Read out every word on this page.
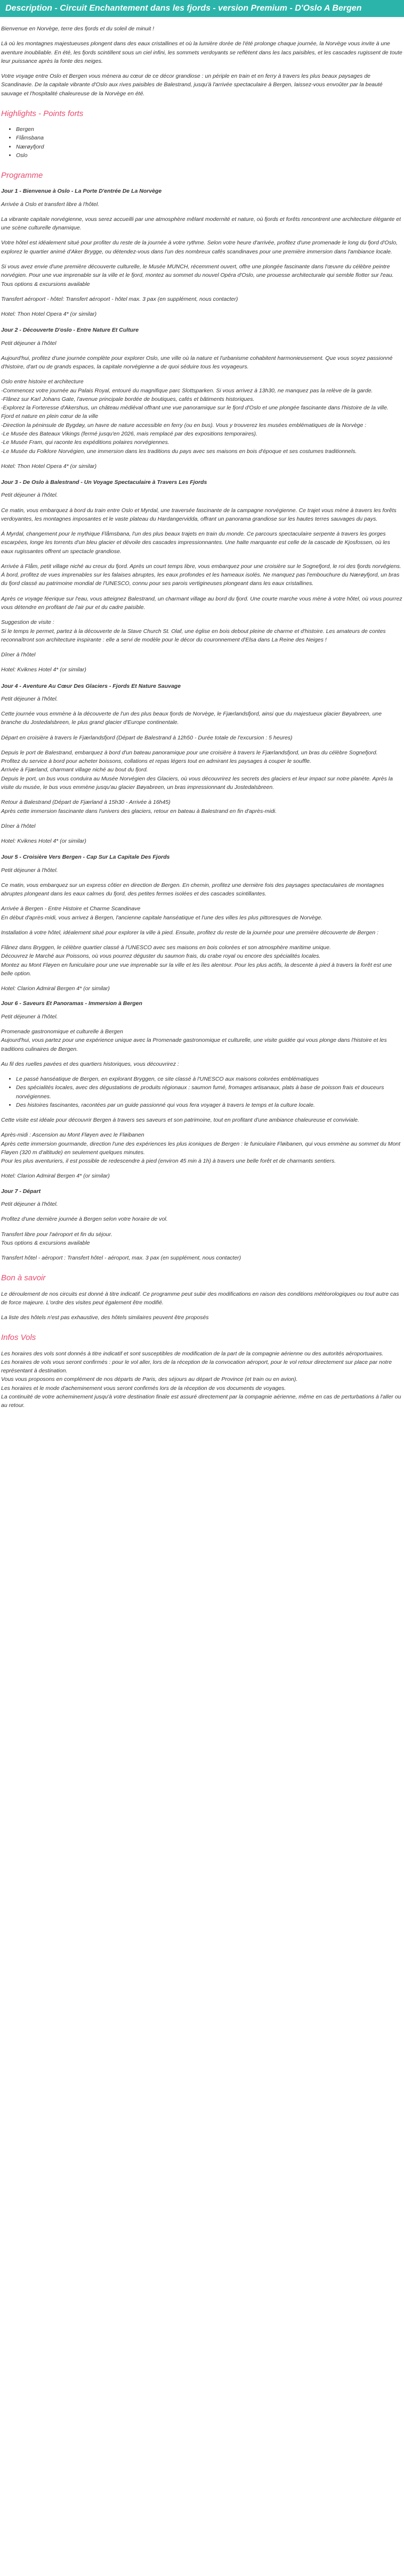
Description - Circuit Enchantement dans les fjords - version Premium - D'Oslo A Bergen

Bienvenue en Norvège, terre des fjords et du soleil de minuit !

Là où les montagnes majestueuses plongent dans des eaux cristallines et où la lumière dorée de l'été prolonge chaque journée, la Norvège vous invite à une aventure inoubliable. En été, les fjords scintillent sous un ciel infini, les sommets verdoyants se reflètent dans les lacs paisibles, et les cascades rugissent de toute leur puissance après la fonte des neiges.

Votre voyage entre Oslo et Bergen vous mènera au cœur de ce décor grandiose : un périple en train et en ferry à travers les plus beaux paysages de Scandinavie. De la capitale vibrante d'Oslo aux rives paisibles de Balestrand, jusqu'à l'arrivée spectaculaire à Bergen, laissez-vous envoûter par la beauté sauvage et l'hospitalité chaleureuse de la Norvège en été.

Highlights - Points forts
• Bergen
• Flåmsbana
• Nærøyfjord
• Oslo
Programme
Jour 1 - Bienvenue à Oslo - La Porte D'entrée De La Norvège

Arrivée à Oslo et transfert libre à l'hôtel.

La vibrante capitale norvégienne, vous serez accueilli par une atmosphère mêlant modernité et nature, où fjords et forêts rencontrent une architecture élégante et une scène culturelle dynamique.

Votre hôtel est idéalement situé pour profiter du reste de la journée à votre rythme. Selon votre heure d'arrivée, profitez d'une promenade le long du fjord d'Oslo, explorez le quartier animé d'Aker Brygge, ou détendez-vous dans l'un des nombreux cafés scandinaves pour une première immersion dans l'ambiance locale.

Si vous avez envie d'une première découverte culturelle, le Musée MUNCH, récemment ouvert, offre une plongée fascinante dans l'œuvre du célèbre peintre norvégien. Pour une vue imprenable sur la ville et le fjord, montez au sommet du nouvel Opéra d'Oslo, une prouesse architecturale qui semble flotter sur l'eau.
Tous options & excursions available

Transfert aéroport - hôtel: Transfert aéroport - hôtel max. 3 pax (en supplément, nous contacter)

Hotel: Thon Hotel Opera 4* (or similar)

Jour 2 - Découverte D'oslo - Entre Nature Et Culture

Petit déjeuner à l'hôtel

Aujourd'hui, profitez d'une journée complète pour explorer Oslo, une ville où la nature et l'urbanisme cohabitent harmonieusement. Que vous soyez passionné d'histoire, d'art ou de grands espaces, la capitale norvégienne a de quoi séduire tous les voyageurs.

Oslo entre histoire et architecture
-Commencez votre journée au Palais Royal, entouré du magnifique parc Slottsparken. Si vous arrivez à 13h30, ne manquez pas la relève de la garde.
-Flânez sur Karl Johans Gate, l'avenue principale bordée de boutiques, cafés et bâtiments historiques.
-Explorez la Forteresse d'Akershus, un château médiéval offrant une vue panoramique sur le fjord d'Oslo et une plongée fascinante dans l'histoire de la ville.
Fjord et nature en plein cœur de la ville
-Direction la péninsule de Bygdøy, un havre de nature accessible en ferry (ou en bus). Vous y trouverez les musées emblématiques de la Norvège :
-Le Musée des Bateaux Vikings (fermé jusqu'en 2026, mais remplacé par des expositions temporaires).
-Le Musée Fram, qui raconte les expéditions polaires norvégiennes.
-Le Musée du Folklore Norvégien, une immersion dans les traditions du pays avec ses maisons en bois d'époque et ses costumes traditionnels.

Hotel: Thon Hotel Opera 4* (or similar)

Jour 3 - De Oslo à Balestrand - Un Voyage Spectaculaire à Travers Les Fjords

Petit déjeuner à l'hôtel.

Ce matin, vous embarquez à bord du train entre Oslo et Myrdal, une traversée fascinante de la campagne norvégienne. Ce trajet vous mène à travers les forêts verdoyantes, les montagnes imposantes et le vaste plateau du Hardangervidda, offrant un panorama grandiose sur les hautes terres sauvages du pays.

À Myrdal, changement pour le mythique Flåmsbana, l'un des plus beaux trajets en train du monde. Ce parcours spectaculaire serpente à travers les gorges escarpées, longe les torrents d'un bleu glacier et dévoile des cascades impressionnantes. Une halte marquante est celle de la cascade de Kjosfossen, où les eaux rugissantes offrent un spectacle grandiose.

Arrivée à Flåm, petit village niché au creux du fjord. Après un court temps libre, vous embarquez pour une croisière sur le Sognefjord, le roi des fjords norvégiens. À bord, profitez de vues imprenables sur les falaises abruptes, les eaux profondes et les hameaux isolés. Ne manquez pas l'embouchure du Nærøyfjord, un bras du fjord classé au patrimoine mondial de l'UNESCO, connu pour ses parois vertigineuses plongeant dans les eaux cristallines.

Après ce voyage féerique sur l'eau, vous atteignez Balestrand, un charmant village au bord du fjord. Une courte marche vous mène à votre hôtel, où vous pourrez vous détendre en profitant de l'air pur et du cadre paisible.

Suggestion de visite :
Si le temps le permet, partez à la découverte de la Stave Church St. Olaf, une église en bois debout pleine de charme et d'histoire. Les amateurs de contes reconnaîtront son architecture inspirante : elle a servi de modèle pour le décor du couronnement d'Elsa dans La Reine des Neiges !

Dîner à l'hôtel

Hotel: Kviknes Hotel 4* (or similar)

Jour 4 - Aventure Au Cœur Des Glaciers - Fjords Et Nature Sauvage

Petit déjeuner à l'hôtel.

Cette journée vous emmène à la découverte de l'un des plus beaux fjords de Norvège, le Fjærlandsfjord, ainsi que du majestueux glacier Bøyabreen, une branche du Jostedalsbreen, le plus grand glacier d'Europe continentale.

Départ en croisière à travers le Fjærlandsfjord (Départ de Balestrand à 12h50 - Durée totale de l'excursion : 5 heures)

Depuis le port de Balestrand, embarquez à bord d'un bateau panoramique pour une croisière à travers le Fjærlandsfjord, un bras du célèbre Sognefjord.
Profitez du service à bord pour acheter boissons, collations et repas légers tout en admirant les paysages à couper le souffle.
Arrivée à Fjærland, charmant village niché au bout du fjord.
Depuis le port, un bus vous conduira au Musée Norvégien des Glaciers, où vous découvrirez les secrets des glaciers et leur impact sur notre planète. Après la visite du musée, le bus vous emmène jusqu'au glacier Bøyabreen, un bras impressionnant du Jostedalsbreen.

Retour à Balestrand (Départ de Fjærland à 15h30 - Arrivée à 16h45)
Après cette immersion fascinante dans l'univers des glaciers, retour en bateau à Balestrand en fin d'après-midi.

Dîner à l'hôtel

Hotel: Kviknes Hotel 4* (or similar)

Jour 5 - Croisière Vers Bergen - Cap Sur La Capitale Des Fjords

Petit déjeuner à l'hôtel.

Ce matin, vous embarquez sur un express côtier en direction de Bergen. En chemin, profitez une dernière fois des paysages spectaculaires de montagnes abruptes plongeant dans les eaux calmes du fjord, des petites fermes isolées et des cascades scintillantes.

Arrivée à Bergen - Entre Histoire et Charme Scandinave
En début d'après-midi, vous arrivez à Bergen, l'ancienne capitale hanséatique et l'une des villes les plus pittoresques de Norvège.

Installation à votre hôtel, idéalement situé pour explorer la ville à pied. Ensuite, profitez du reste de la journée pour une première découverte de Bergen :

Flânez dans Bryggen, le célèbre quartier classé à l'UNESCO avec ses maisons en bois colorées et son atmosphère maritime unique.
Découvrez le Marché aux Poissons, où vous pourrez déguster du saumon frais, du crabe royal ou encore des spécialités locales.
Montez au Mont Fløyen en funiculaire pour une vue imprenable sur la ville et les îles alentour. Pour les plus actifs, la descente à pied à travers la forêt est une belle option.

Hotel: Clarion Admiral Bergen 4* (or similar)

Jour 6 - Saveurs Et Panoramas - Immersion à Bergen

Petit déjeuner à l'hôtel.

Promenade gastronomique et culturelle à Bergen
Aujourd'hui, vous partez pour une expérience unique avec la Promenade gastronomique et culturelle, une visite guidée qui vous plonge dans l'histoire et les traditions culinaires de Bergen.

Au fil des ruelles pavées et des quartiers historiques, vous découvrirez :

• Le passé hanséatique de Bergen, en explorant Bryggen, ce site classé à l'UNESCO aux maisons colorées emblématiques
• Des spécialités locales, avec des dégustations de produits régionaux : saumon fumé, fromages artisanaux, plats à base de poisson frais et douceurs norvégiennes.
• Des histoires fascinantes, racontées par un guide passionné qui vous fera voyager à travers le temps et la culture locale.

Cette visite est idéale pour découvrir Bergen à travers ses saveurs et son patrimoine, tout en profitant d'une ambiance chaleureuse et conviviale.

Après-midi : Ascension au Mont Fløyen avec le Fløibanen
Après cette immersion gourmande, direction l'une des expériences les plus iconiques de Bergen : le funiculaire Fløibanen, qui vous emmène au sommet du Mont Fløyen (320 m d'altitude) en seulement quelques minutes.
Pour les plus aventuriers, il est possible de redescendre à pied (environ 45 min à 1h) à travers une belle forêt et de charmants sentiers.

Hotel: Clarion Admiral Bergen 4* (or similar)

Jour 7 - Départ

Petit déjeuner à l'hôtel.

Profitez d'une dernière journée à Bergen selon votre horaire de vol.

Transfert libre pour l'aéroport et fin du séjour.
Tous options & excursions available

Transfert hôtel - aéroport : Transfert hôtel - aéroport, max. 3 pax (en supplément, nous contacter)

Bon à savoir

Le déroulement de nos circuits est donné à titre indicatif. Ce programme peut subir des modifications en raison des conditions météorologiques ou tout autre cas de force majeure. L'ordre des visites peut également être modifié.

La liste des hôtels n'est pas exhaustive, des hôtels similaires peuvent être proposés

Infos Vols

Les horaires des vols sont donnés à titre indicatif et sont susceptibles de modification de la part de la compagnie aérienne ou des autorités aéroportuaires.
Les horaires de vols vous seront confirmés : pour le vol aller, lors de la réception de la convocation aéroport, pour le vol retour directement sur place par notre représentant à destination.
Vous vous proposons en complément de nos départs de Paris, des séjours au départ de Province (et train ou en avion).
Les horaires et le mode d'acheminement vous seront confirmés lors de la réception de vos documents de voyages.
La continuité de votre acheminement jusqu'à votre destination finale est assuré directement par la compagnie aérienne, même en cas de perturbations à l'aller ou au retour.
